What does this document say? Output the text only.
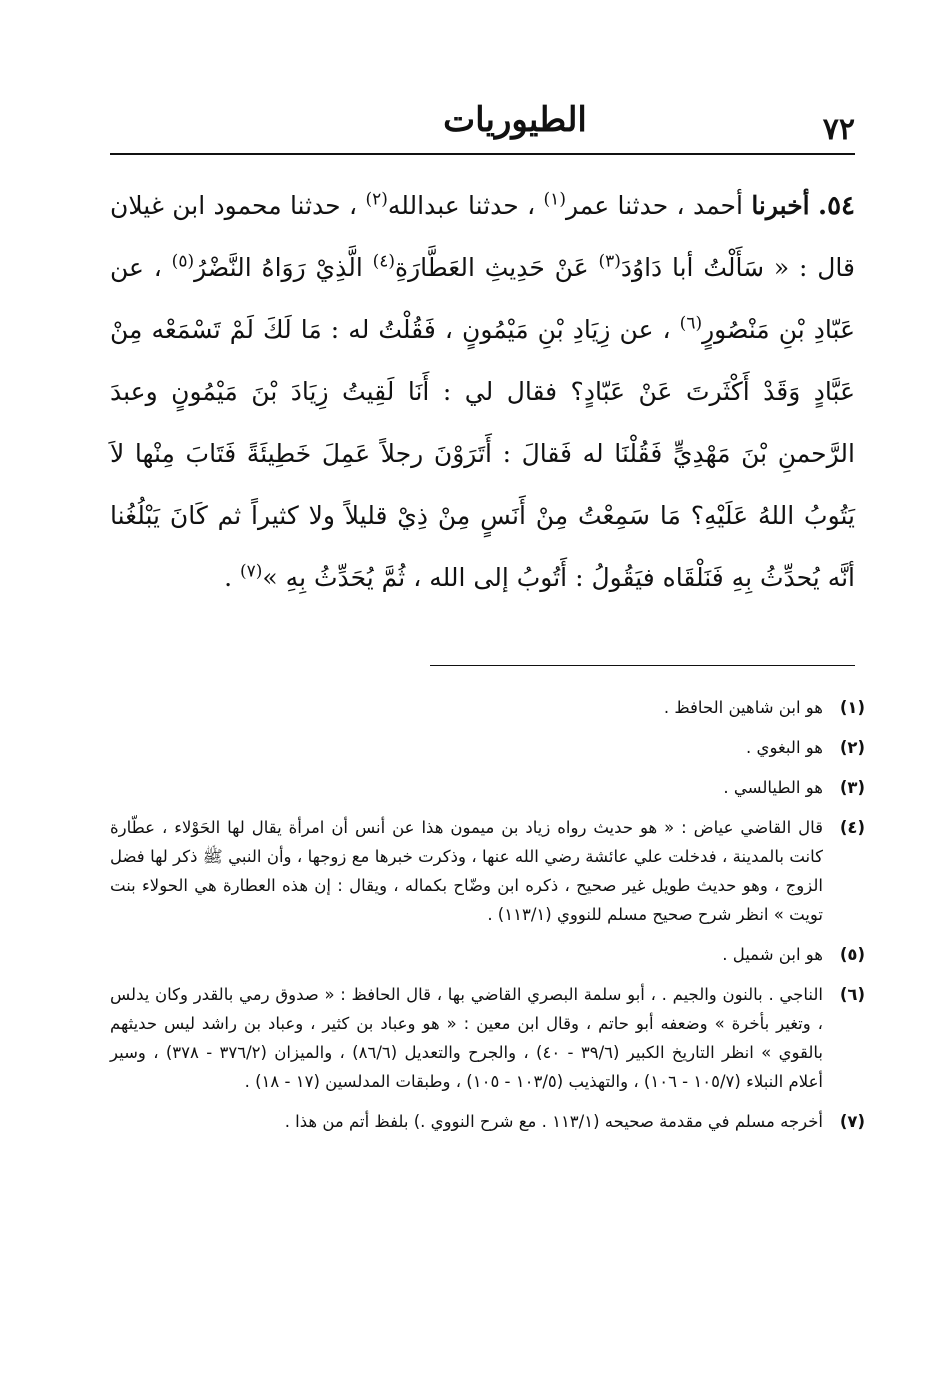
٧٢
الطيوريات
٥٤. أخبرنا أحمد ، حدثنا عمر$^{(١)}$ ، حدثنا عبدالله$^{(٢)}$ ، حدثنا محمود ابن غيلان قال : « سَأَلْتُ أبا دَاوُدَ$^{(٣)}$ عَنْ حَدِيثِ العَطَّارَةِ$^{(٤)}$ الَّذِيْ رَوَاهُ النَّضْرُ$^{(٥)}$ ، عن عَبّادِ بْنِ مَنْصُورٍ$^{(٦)}$ ، عن زِيَادِ بْنِ مَيْمُونٍ ، فَقُلْتُ له : مَا لَكَ لَمْ تَسْمَعْه مِنْ عَبَّادٍ وَقَدْ أَكْثَرتَ عَنْ عَبّادٍ؟ فقال لي : أَنَا لَقِيتُ زِيَادَ بْنَ مَيْمُونٍ وعبدَ الرَّحمنِ بْنَ مَهْدِيٍّ فَقُلْنَا له فَقالَ : أَتَرَوْنَ رجلاً عَمِلَ خَطِيئَةً فَتَابَ مِنْها لاَ يَتُوبُ اللهُ عَلَيْهِ؟ مَا سَمِعْتُ مِنْ أَنَسٍ مِنْ ذِيْ قليلاً ولا كثيراً ثم كَانَ يَبْلُغُنا أنَّه يُحدِّثُ بِهِ فَنَلْقَاه فيَقُولُ : أَتُوبُ إلى الله ، ثُمَّ يُحَدِّثُ بِهِ »$^{(٧)}$ .
(١)
هو ابن شاهين الحافظ .
(٢)
هو البغوي .
(٣)
هو الطيالسي .
(٤)
قال القاضي عياض : « هو حديث رواه زياد بن ميمون هذا عن أنس أن امرأة يقال لها الحَوْلاء ، عطّارة كانت بالمدينة ، فدخلت علي عائشة رضي الله عنها ، وذكرت خبرها مع زوجها ، وأن النبي ﷺ ذكر لها فضل الزوج ، وهو حديث طويل غير صحيح ، ذكره ابن وضّاح بكماله ، ويقال : إن هذه العطارة هي الحولاء بنت تويت » انظر شرح صحيح مسلم للنووي (١١٣/١) .
(٥)
هو ابن شميل .
(٦)
الناجي . بالنون والجيم . ، أبو سلمة البصري القاضي بها ، قال الحافظ : « صدوق رمي بالقدر وكان يدلس ، وتغير بأخرة » وضعفه أبو حاتم ، وقال ابن معين : « هو وعباد بن كثير ، وعباد بن راشد ليس حديثهم بالقوي » انظر التاريخ الكبير (٣٩/٦ - ٤٠) ، والجرح والتعديل (٨٦/٦) ، والميزان (٣٧٦/٢ - ٣٧٨) ، وسير أعلام النبلاء (١٠٥/٧ - ١٠٦) ، والتهذيب (١٠٣/٥ - ١٠٥) ، وطبقات المدلسين (١٧ - ١٨) .
(٧)
أخرجه مسلم في مقدمة صحيحه (١١٣/١ . مع شرح النووي .) بلفظ أتم من هذا .
